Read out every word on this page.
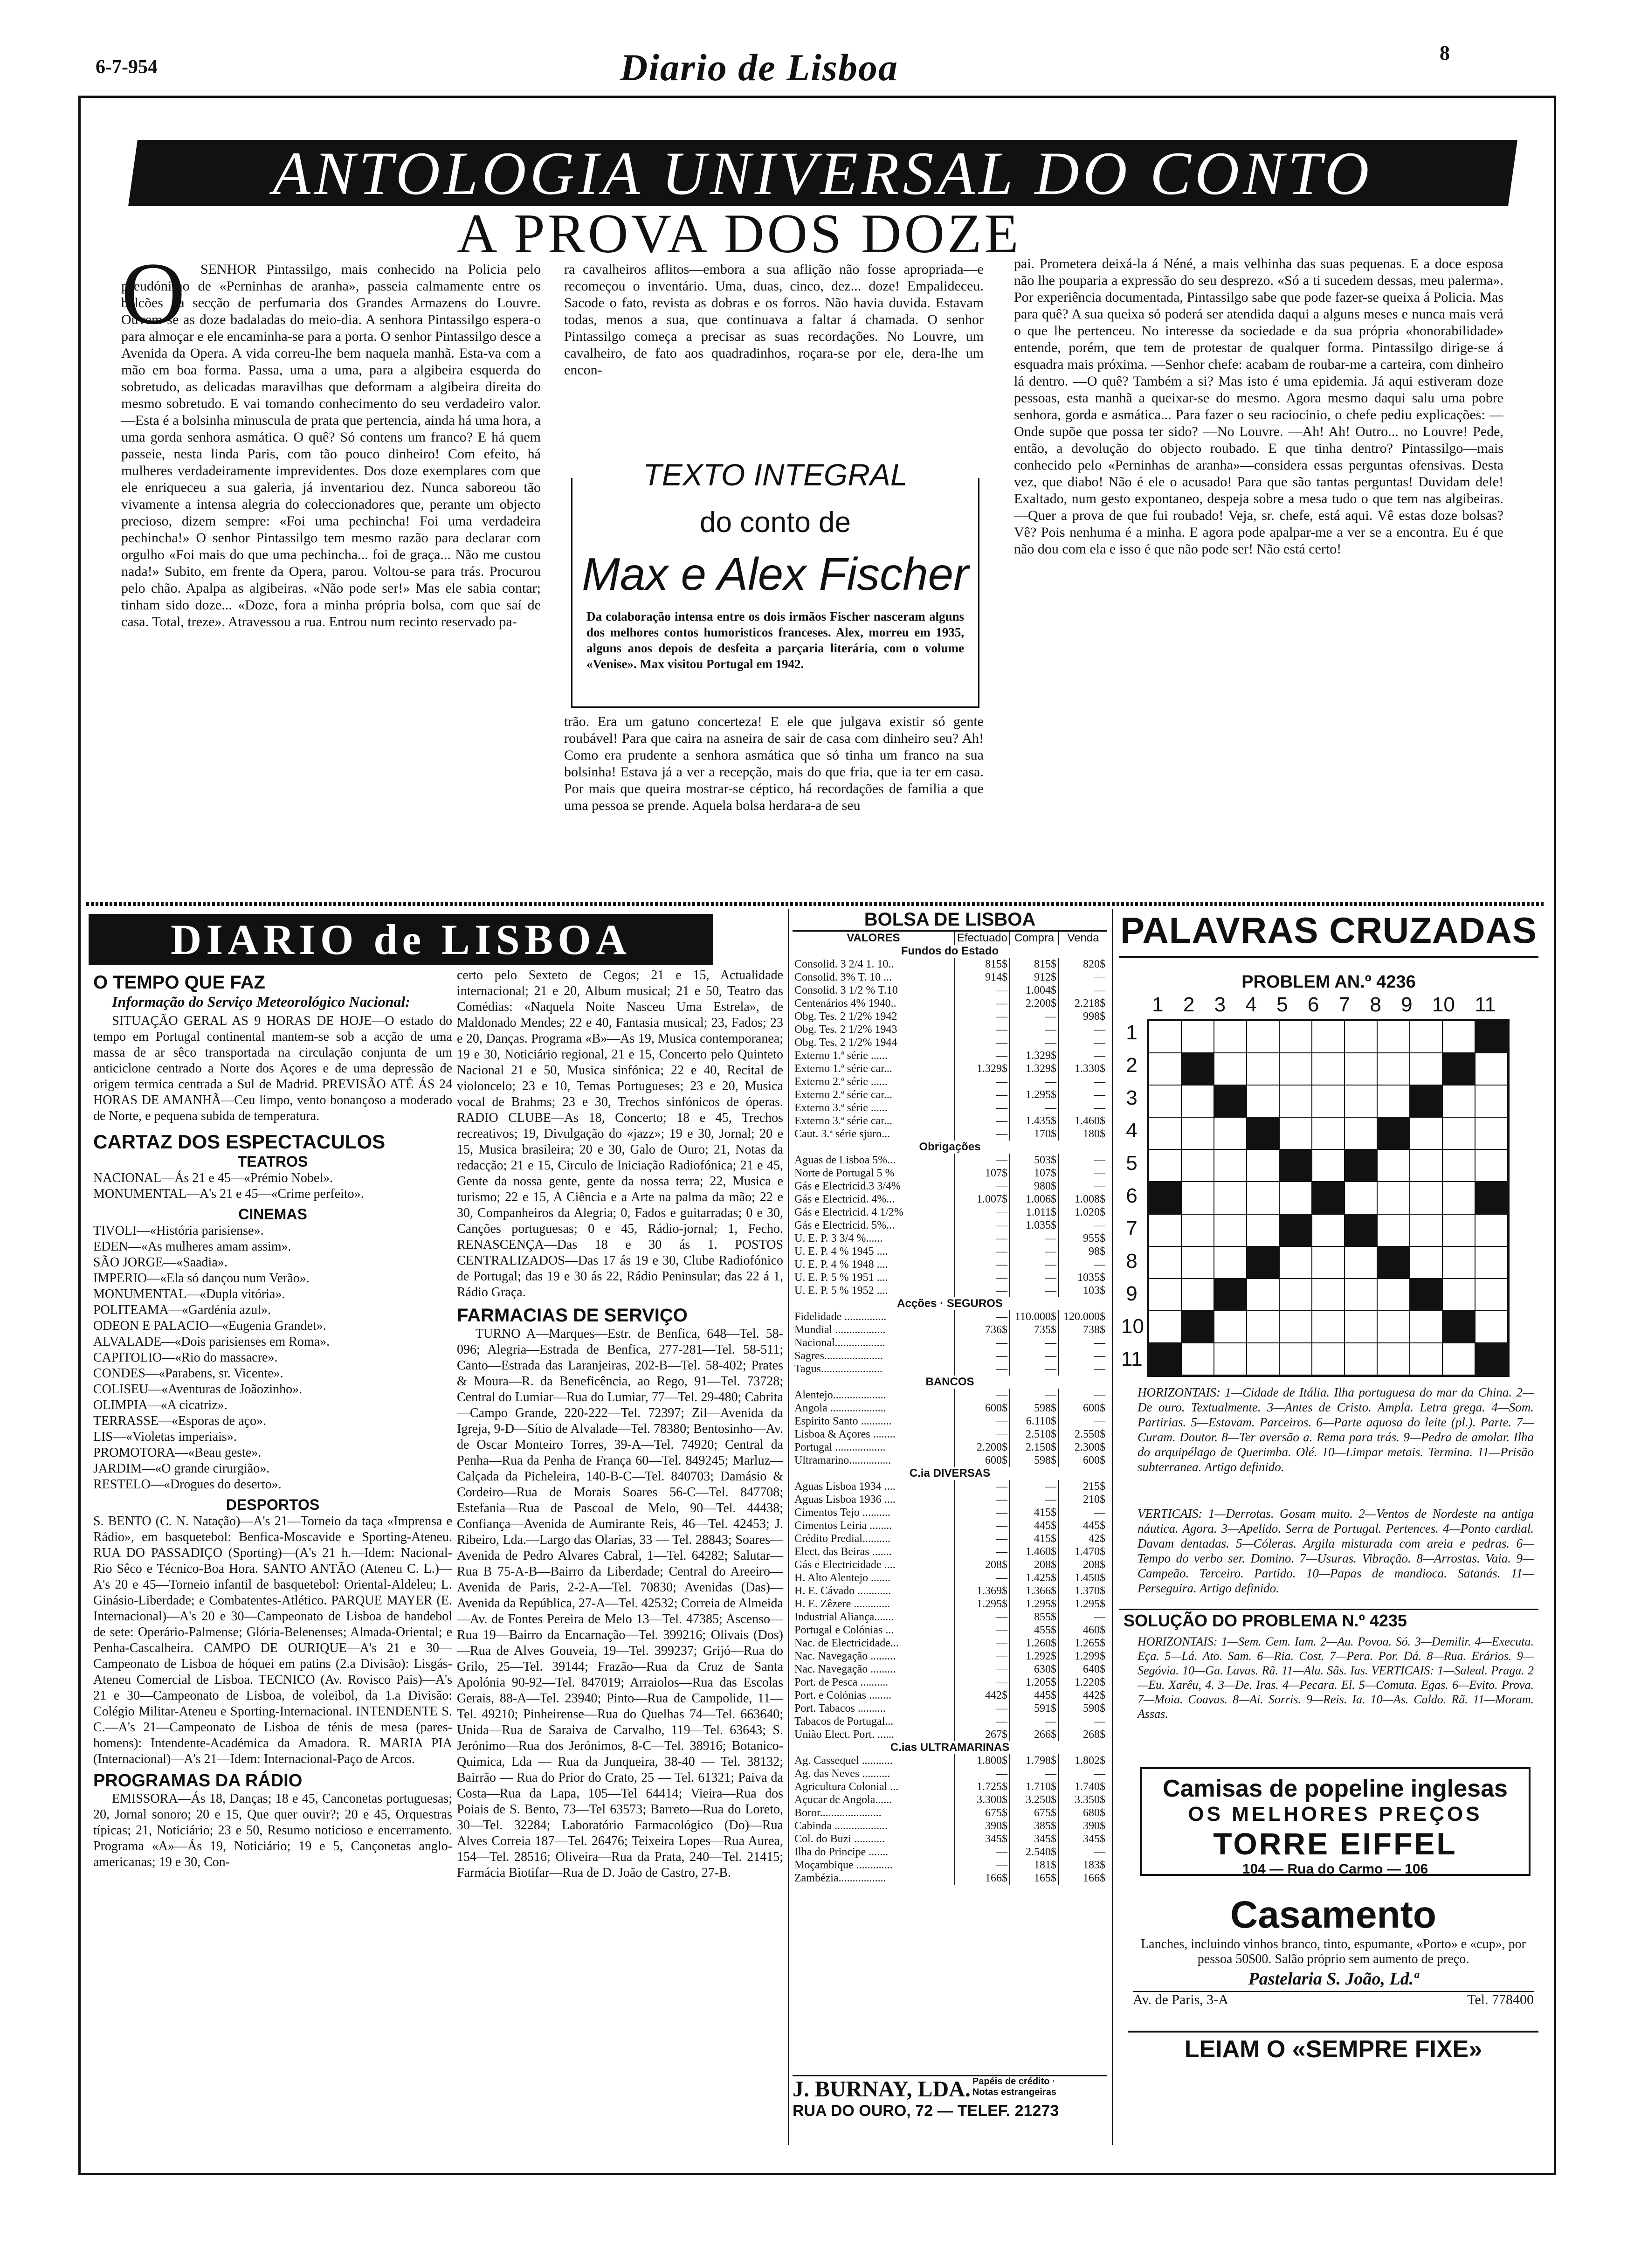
6-7-954	Diario de Lisboa	8
ANTOLOGIA UNIVERSAL DO CONTO
A PROVA DOS DOZE
O	SENHOR Pintassilgo, mais conhecido na Policia pelo pseudónimo de «Perninhas de aranha», passeia calmamente entre os balcões da secção de perfumaria dos Grandes Armazens do Louvre. Ouvem-se as doze badaladas do meio-dia. A senhora Pintassilgo espera-o para almoçar e ele encaminha-se para a porta. O senhor Pintassilgo desce a Avenida da Opera. A vida correu-lhe bem naquela manhã. Esta-va com a mão em boa forma. Passa, uma a uma, para a algibeira esquerda do sobretudo, as delicadas maravilhas que deformam a algibeira direita do mesmo sobretudo. E vai tomando conhecimento do seu verdadeiro valor. —Esta é a bolsinha minuscula de prata que pertencia, ainda há uma hora, a uma gorda senhora asmática. O quê? Só contens um franco? E há quem passeie, nesta linda Paris, com tão pouco dinheiro! Com efeito, há mulheres verdadeiramente imprevidentes. Dos doze exemplares com que ele enriqueceu a sua galeria, já inventariou dez. Nunca saboreou tão vivamente a intensa alegria do coleccionadores que, perante um objecto precioso, dizem sempre: «Foi uma pechincha! Foi uma verdadeira pechincha!» O senhor Pintassilgo tem mesmo razão para declarar com orgulho «Foi mais do que uma pechincha... foi de graça... Não me custou nada!» Subito, em frente da Opera, parou. Voltou-se para trás. Procurou pelo chão. Apalpa as algibeiras. «Não pode ser!» Mas ele sabia contar; tinham sido doze... «Doze, fora a minha própria bolsa, com que saí de casa. Total, treze». Atravessou a rua. Entrou num recinto reservado pa-
ra cavalheiros aflitos—embora a sua aflição não fosse apropriada—e recomeçou o inventário. Uma, duas, cinco, dez... doze! Empalideceu. Sacode o fato, revista as dobras e os forros. Não havia duvida. Estavam todas, menos a sua, que continuava a faltar á chamada. O senhor Pintassilgo começa a precisar as suas recordações. No Louvre, um cavalheiro, de fato aos quadradinhos, roçara-se por ele, dera-lhe um encon-
TEXTO INTEGRAL
do conto de
Max e Alex Fischer
Da colaboração intensa entre os dois irmãos Fischer nasceram alguns dos melhores contos humoristicos franceses. Alex, morreu em 1935, alguns anos depois de desfeita a parçaria literária, com o volume «Venise». Max visitou Portugal em 1942.
trão. Era um gatuno concerteza! E ele que julgava existir só gente roubável! Para que caira na asneira de sair de casa com dinheiro seu? Ah! Como era prudente a senhora asmática que só tinha um franco na sua bolsinha! Estava já a ver a recepção, mais do que fria, que ia ter em casa. Por mais que queira mostrar-se céptico, há recordações de familia a que uma pessoa se prende. Aquela bolsa herdara-a de seu
pai. Prometera deixá-la á Néné, a mais velhinha das suas pequenas. E a doce esposa não lhe pouparia a expressão do seu desprezo. «Só a ti sucedem dessas, meu palerma». Por experiência documentada, Pintassilgo sabe que pode fazer-se queixa á Policia. Mas para quê? A sua queixa só poderá ser atendida daqui a alguns meses e nunca mais verá o que lhe pertenceu. No interesse da sociedade e da sua própria «honorabilidade» entende, porém, que tem de protestar de qualquer forma. Pintassilgo dirige-se á esquadra mais próxima. —Senhor chefe: acabam de roubar-me a carteira, com dinheiro lá dentro. —O quê? Também a si? Mas isto é uma epidemia. Já aqui estiveram doze pessoas, esta manhã a queixar-se do mesmo. Agora mesmo daqui salu uma pobre senhora, gorda e asmática... Para fazer o seu raciocinio, o chefe pediu explicações: —Onde supõe que possa ter sido? —No Louvre. —Ah! Ah! Outro... no Louvre! Pede, então, a devolução do objecto roubado. E que tinha dentro? Pintassilgo—mais conhecido pelo «Perninhas de aranha»—considera essas perguntas ofensivas. Desta vez, que diabo! Não é ele o acusado! Para que são tantas perguntas! Duvidam dele! Exaltado, num gesto expontaneo, despeja sobre a mesa tudo o que tem nas algibeiras. —Quer a prova de que fui roubado! Veja, sr. chefe, está aqui. Vê estas doze bolsas? Vê? Pois nenhuma é a minha. E agora pode apalpar-me a ver se a encontra. Eu é que não dou com ela e isso é que não pode ser! Não está certo!
DIARIO de LISBOA
O TEMPO QUE FAZ
Informação do Serviço Meteorológico Nacional:
SITUAÇÃO GERAL AS 9 HORAS DE HOJE—O estado do tempo em Portugal continental mantem-se sob a acção de uma massa de ar sêco transportada na circulação conjunta de um anticiclone centrado a Norte dos Açores e de uma depressão de origem termica centrada a Sul de Madrid. PREVISÃO ATÉ ÁS 24 HORAS DE AMANHÃ—Ceu limpo, vento bonançoso a moderado de Norte, e pequena subida de temperatura.
CARTAZ DOS ESPECTACULOS
TEATROS
NACIONAL—Ás 21 e 45—«Prémio Nobel».
MONUMENTAL—A's 21 e 45—«Crime perfeito».
CINEMAS
TIVOLI—«História parisiense».
EDEN—«As mulheres amam assim».
SÃO JORGE—«Saadia».
IMPERIO—«Ela só dançou num Verão».
MONUMENTAL—«Dupla vitória».
POLITEAMA—«Gardénia azul».
ODEON E PALACIO—«Eugenia Grandet».
ALVALADE—«Dois parisienses em Roma».
CAPITOLIO—«Rio do massacre».
CONDES—«Parabens, sr. Vicente».
COLISEU—«Aventuras de Joãozinho».
OLIMPIA—«A cicatriz».
TERRASSE—«Esporas de aço».
LIS—«Violetas imperiais».
PROMOTORA—«Beau geste».
JARDIM—«O grande cirurgião».
RESTELO—«Drogues do deserto».
DESPORTOS
S. BENTO (C. N. Natação)—A's 21—Torneio da taça «Imprensa e Rádio», em basquetebol: Benfica-Moscavide e Sporting-Ateneu. RUA DO PASSADIÇO (Sporting)—(A's 21 h.—Idem: Nacional-Rio Sêco e Técnico-Boa Hora. SANTO ANTÃO (Ateneu C. L.)—A's 20 e 45—Torneio infantil de basquetebol: Oriental-Aldeleu; L. Ginásio-Liberdade; e Combatentes-Atlético. PARQUE MAYER (E. Internacional)—A's 20 e 30—Campeonato de Lisboa de handebol de sete: Operário-Palmense; Glória-Belenenses; Almada-Oriental; e Penha-Cascalheira. CAMPO DE OURIQUE—A's 21 e 30—Campeonato de Lisboa de hóquei em patins (2.a Divisão): Lisgás-Ateneu Comercial de Lisboa. TECNICO (Av. Rovisco Pais)—A's 21 e 30—Campeonato de Lisboa, de voleibol, da 1.a Divisão: Colégio Militar-Ateneu e Sporting-Internacional. INTENDENTE S. C.—A's 21—Campeonato de Lisboa de ténis de mesa (pares-homens): Intendente-Académica da Amadora. R. MARIA PIA (Internacional)—A's 21—Idem: Internacional-Paço de Arcos.
PROGRAMAS DA RÁDIO
EMISSORA—Ás 18, Danças; 18 e 45, Canconetas portuguesas; 20, Jornal sonoro; 20 e 15, Que quer ouvir?; 20 e 45, Orquestras típicas; 21, Noticiário; 23 e 50, Resumo noticioso e encerramento. Programa «A»—Ás 19, Noticiário; 19 e 5, Cançonetas anglo-americanas; 19 e 30, Con-
certo pelo Sexteto de Cegos; 21 e 15, Actualidade internacional; 21 e 20, Album musical; 21 e 50, Teatro das Comédias: «Naquela Noite Nasceu Uma Estrela», de Maldonado Mendes; 22 e 40, Fantasia musical; 23, Fados; 23 e 20, Danças. Programa «B»—As 19, Musica contemporanea; 19 e 30, Noticiário regional, 21 e 15, Concerto pelo Quinteto Nacional 21 e 50, Musica sinfónica; 22 e 40, Recital de violoncelo; 23 e 10, Temas Portugueses; 23 e 20, Musica vocal de Brahms; 23 e 30, Trechos sinfónicos de óperas. RADIO CLUBE—As 18, Concerto; 18 e 45, Trechos recreativos; 19, Divulgação do «jazz»; 19 e 30, Jornal; 20 e 15, Musica brasileira; 20 e 30, Galo de Ouro; 21, Notas da redacção; 21 e 15, Circulo de Iniciação Radiofónica; 21 e 45, Gente da nossa gente, gente da nossa terra; 22, Musica e turismo; 22 e 15, A Ciência e a Arte na palma da mão; 22 e 30, Companheiros da Alegria; 0, Fados e guitarradas; 0 e 30, Canções portuguesas; 0 e 45, Rádio-jornal; 1, Fecho. RENASCENÇA—Das 18 e 30 ás 1. POSTOS CENTRALIZADOS—Das 17 ás 19 e 30, Clube Radiofónico de Portugal; das 19 e 30 ás 22, Rádio Peninsular; das 22 á 1, Rádio Graça.
FARMACIAS DE SERVIÇO
TURNO A—Marques—Estr. de Benfica, 648—Tel. 58-096; Alegria—Estrada de Benfica, 277-281—Tel. 58-511; Canto—Estrada das Laranjeiras, 202-B—Tel. 58-402; Prates & Moura—R. da Beneficência, ao Rego, 91—Tel. 73728; Central do Lumiar—Rua do Lumiar, 77—Tel. 29-480; Cabrita—Campo Grande, 220-222—Tel. 72397; Zil—Avenida da Igreja, 9-D—Sítio de Alvalade—Tel. 78380; Bentosinho—Av. de Oscar Monteiro Torres, 39-A—Tel. 74920; Central da Penha—Rua da Penha de França 60—Tel. 849245; Marluz—Calçada da Picheleira, 140-B-C—Tel. 840703; Damásio & Cordeiro—Rua de Morais Soares 56-C—Tel. 847708; Estefania—Rua de Pascoal de Melo, 90—Tel. 44438; Confiança—Avenida de Aumirante Reis, 46—Tel. 42453; J. Ribeiro, Lda.—Largo das Olarias, 33 — Tel. 28843; Soares—Avenida de Pedro Alvares Cabral, 1—Tel. 64282; Salutar—Rua B 75-A-B—Bairro da Liberdade; Central do Areeiro—Avenida de Paris, 2-2-A—Tel. 70830; Avenidas (Das)—Avenida da República, 27-A—Tel. 42532; Correia de Almeida—Av. de Fontes Pereira de Melo 13—Tel. 47385; Ascenso—Rua 19—Bairro da Encarnação—Tel. 399216; Olivais (Dos)—Rua de Alves Gouveia, 19—Tel. 399237; Grijó—Rua do Grilo, 25—Tel. 39144; Frazão—Rua da Cruz de Santa Apolónia 90-92—Tel. 847019; Arraiolos—Rua das Escolas Gerais, 88-A—Tel. 23940; Pinto—Rua de Campolide, 11—Tel. 49210; Pinheirense—Rua do Quelhas 74—Tel. 663640; Unida—Rua de Saraiva de Carvalho, 119—Tel. 63643; S. Jerónimo—Rua dos Jerónimos, 8-C—Tel. 38916; Botanico-Quimica, Lda — Rua da Junqueira, 38-40 — Tel. 38132; Bairrão — Rua do Prior do Crato, 25 — Tel. 61321; Paiva da Costa—Rua da Lapa, 105—Tel 64414; Vieira—Rua dos Poiais de S. Bento, 73—Tel 63573; Barreto—Rua do Loreto, 30—Tel. 32284; Laboratório Farmacológico (Do)—Rua Alves Correia 187—Tel. 26476; Teixeira Lopes—Rua Aurea, 154—Tel. 28516; Oliveira—Rua da Prata, 240—Tel. 21415; Farmácia Biotifar—Rua de D. João de Castro, 27-B.
BOLSA DE LISBOA
VALORES	Efectuado	Compra	Venda
Fundos do Estado			
Consolid. 3 2/4 1. 10..	815$	815$	820$
Consolid. 3% T. 10 ...	914$	912$	—
Consolid. 3 1/2 % T.10	—	1.004$	—
Centenários 4% 1940..	—	2.200$	2.218$
Obg. Tes. 2 1/2% 1942	—	—	998$
Obg. Tes. 2 1/2% 1943	—	—	—
Obg. Tes. 2 1/2% 1944	—	—	—
Externo 1.ª série ......	—	1.329$	—
Externo 1.ª série car...	1.329$	1.329$	1.330$
Externo 2.ª série ......	—	—	—
Externo 2.ª série car...	—	1.295$	—
Externo 3.ª série ......	—	—	—
Externo 3.ª série car...	—	1.435$	1.460$
Caut. 3.ª série sjuro...	—	170$	180$
Obrigações			
Aguas de Lisboa 5%...	—	503$	—
Norte de Portugal 5 %	107$	107$	—
Gás e Electricid.3 3/4%	—	980$	—
Gás e Electricid. 4%...	1.007$	1.006$	1.008$
Gás e Electricid. 4 1/2%	—	1.011$	1.020$
Gás e Electricid. 5%...	—	1.035$	—
U. E. P. 3 3/4 %......	—	—	955$
U. E. P. 4 % 1945 ....	—	—	98$
U. E. P. 4 % 1948 ....	—	—	—
U. E. P. 5 % 1951 ....	—	—	1035$
U. E. P. 5 % 1952 ....	—	—	103$
Acções · SEGUROS			
Fidelidade ...............	—	110.000$	120.000$
Mundial ..................	736$	735$	738$
Nacional..................	—	—	—
Sagres.....................	—	—	—
Tagus......................	—	—	—
BANCOS			
Alentejo...................	—	—	—
Angola ....................	600$	598$	600$
Espirito Santo ...........	—	6.110$	—
Lisboa & Açores ........	—	2.510$	2.550$
Portugal ..................	2.200$	2.150$	2.300$
Ultramarino...............	600$	598$	600$
C.ia DIVERSAS			
Aguas Lisboa 1934 ....	—	—	215$
Aguas Lisboa 1936 ....	—	—	210$
Cimentos Tejo ..........	—	415$	—
Cimentos Leiria ........	—	445$	445$
Crédito Predial..........	—	415$	42$
Elect. das Beiras .......	—	1.460$	1.470$
Gás e Electricidade ....	208$	208$	208$
H. Alto Alentejo .......	—	1.425$	1.450$
H. E. Cávado ............	1.369$	1.366$	1.370$
H. E. Zêzere .............	1.295$	1.295$	1.295$
Industrial Aliança.......	—	855$	—
Portugal e Colónias ...	—	455$	460$
Nac. de Electricidade...	—	1.260$	1.265$
Nac. Navegação .........	—	1.292$	1.299$
Nac. Navegação .........	—	630$	640$
Port. de Pesca ..........	—	1.205$	1.220$
Port. e Colónias ........	442$	445$	442$
Port. Tabacos ..........	—	591$	590$
Tabacos de Portugal...	—	—	—
União Elect. Port. ......	267$	266$	268$
C.ias ULTRAMARINAS			
Ag. Cassequel ...........	1.800$	1.798$	1.802$
Ag. das Neves ..........	—	—	—
Agricultura Colonial ...	1.725$	1.710$	1.740$
Açucar de Angola......	3.300$	3.250$	3.350$
Boror......................	675$	675$	680$
Cabinda ...................	390$	385$	390$
Col. do Buzi ...........	345$	345$	345$
Ilha do Principe .......	—	2.540$	—
Moçambique .............	—	181$	183$
Zambézia.................	166$	165$	166$
J. BURNAY, LDA. Papéis de crédito · Notas estrangeiras
RUA DO OURO, 72 — TELEF. 21273
PALAVRAS CRUZADAS
PROBLEM AN.º 4236
1 2 3 4 5 6 7 8 9 10 11
1
2
3
4
5
6
7
8
9
10
11
HORIZONTAIS: 1—Cidade de Itália. Ilha portuguesa do mar da China. 2—De ouro. Textualmente. 3—Antes de Cristo. Ampla. Letra grega. 4—Som. Partirias. 5—Estavam. Parceiros. 6—Parte aquosa do leite (pl.). Parte. 7—Curam. Doutor. 8—Ter aversão a. Rema para trás. 9—Pedra de amolar. Ilha do arquipélago de Querimba. Olé. 10—Limpar metais. Termina. 11—Prisão subterranea. Artigo definido.
VERTICAIS: 1—Derrotas. Gosam muito. 2—Ventos de Nordeste na antiga náutica. Agora. 3—Apelido. Serra de Portugal. Pertences. 4—Ponto cardial. Davam dentadas. 5—Cóleras. Argila misturada com areia e pedras. 6—Tempo do verbo ser. Domino. 7—Usuras. Vibração. 8—Arrostas. Vaia. 9—Campeão. Terceiro. Partido. 10—Papas de mandioca. Satanás. 11—Perseguira. Artigo definido.
SOLUÇÃO DO PROBLEMA N.º 4235
HORIZONTAIS: 1—Sem. Cem. Iam. 2—Au. Povoa. Só. 3—Demilir. 4—Executa. Eça. 5—Lá. Ato. Sam. 6—Ria. Cost. 7—Pera. Por. Dá. 8—Rua. Erários. 9—Segóvia. 10—Ga. Lavas. Rã. 11—Ala. Sãs. Ias. VERTICAIS: 1—Saleal. Praga. 2—Eu. Xarêu, 4. 3—De. Iras. 4—Pecara. El. 5—Comuta. Egas. 6—Evito. Prova. 7—Moia. Coavas. 8—Ai. Sorris. 9—Reis. Ia. 10—As. Caldo. Rã. 11—Moram. Assas.
Camisas de popeline inglesas
OS MELHORES PREÇOS
TORRE EIFFEL
104 — Rua do Carmo — 106
Casamento
Lanches, incluindo vinhos branco, tinto, espumante, «Porto» e «cup», por pessoa 50$00. Salão próprio sem aumento de preço.
Pastelaria S. João, Ld.ª
Av. de Paris, 3-A	Tel. 778400
LEIAM O «SEMPRE FIXE»
